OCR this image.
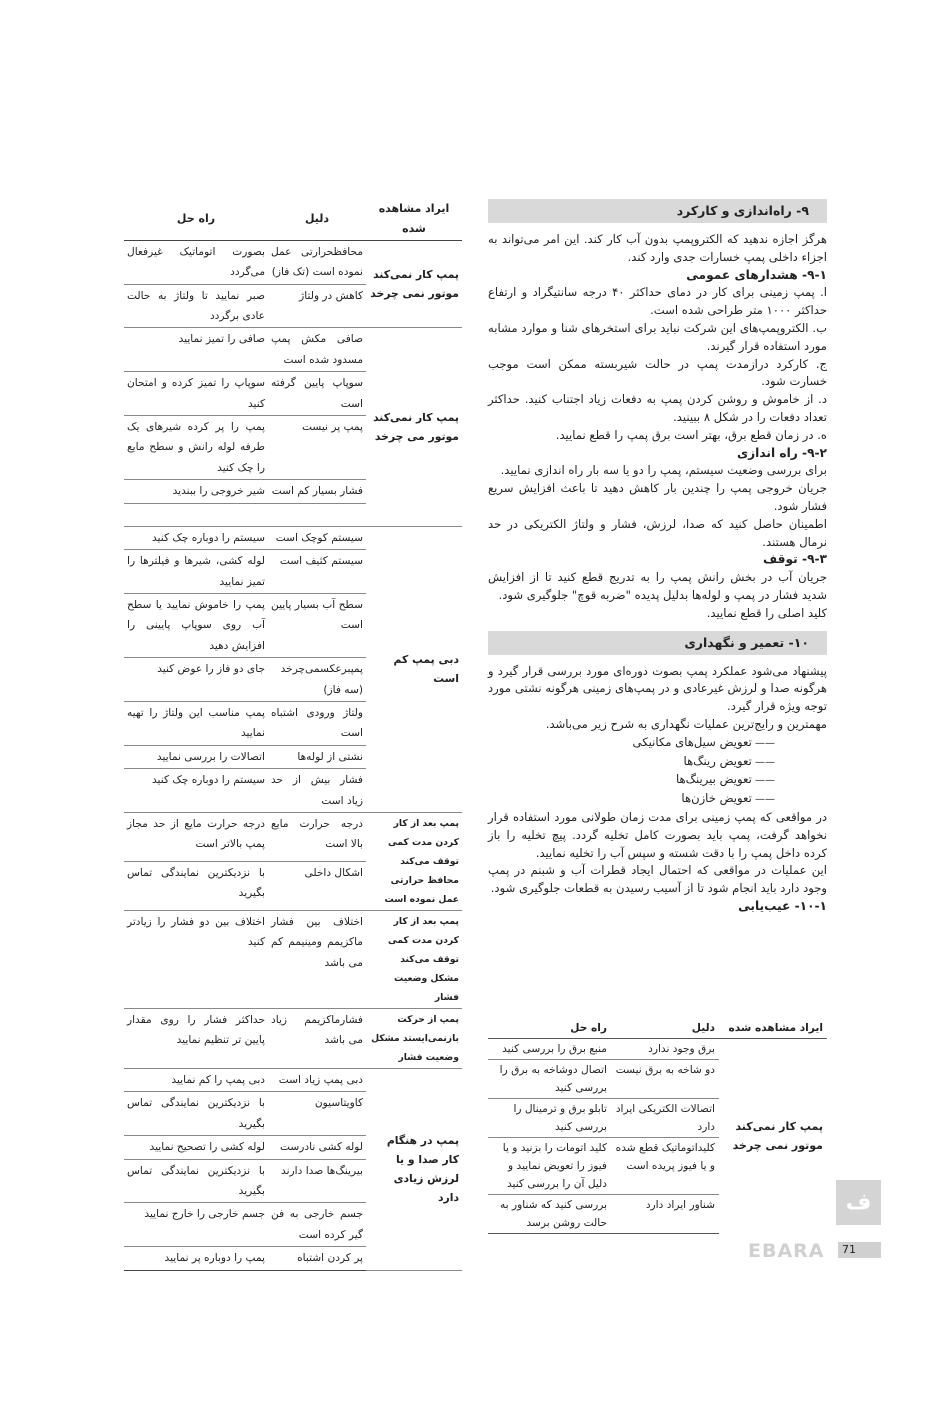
۹- راه‌اندازی و کارکرد

هرگز اجازه ندهید که الکتروپمپ بدون آب کار کند. این امر می‌تواند به اجزاء داخلی پمپ خسارات جدی وارد کند.

۹-۱- هشدارهای عمومی

ا. پمپ زمینی برای کار در دمای حداکثر ۴۰ درجه سانتیگراد و ارتفاع حداکثر ۱۰۰۰ متر طراحی شده است.

ب. الکتروپمپ‌های این شرکت نباید برای استخرهای شنا و موارد مشابه مورد استفاده قرار گیرند.

ج. کارکرد درازمدت پمپ در حالت شیربسته ممکن است موجب خسارت شود.

د. از خاموش و روشن کردن پمپ به دفعات زیاد اجتناب کنید. حداکثر تعداد دفعات را در شکل ۸ ببینید.

ه. در زمان قطع برق، بهتر است برق پمپ را قطع نمایید.

۹-۲- راه اندازی

برای بررسی وضعیت سیستم، پمپ را دو یا سه بار راه اندازی نمایید.

جریان خروجی پمپ را چندین بار کاهش دهید تا باعث افزایش سریع فشار شود.

اطمینان حاصل کنید که صدا، لرزش، فشار و ولتاژ الکتریکی در حد نرمال هستند.

۹-۳- توقف

جریان آب در بخش رانش پمپ را به تدریج قطع کنید تا از افزایش شدید فشار در پمپ و لوله‌ها بدلیل پدیده "ضربه قوچ" جلوگیری شود.

کلید اصلی را قطع نمایید.

۱۰- تعمیر و نگهداری

پیشنهاد می‌شود عملکرد پمپ بصوت دوره‌ای مورد بررسی قرار گیرد و هرگونه صدا و لرزش غیرعادی و در پمپ‌های زمینی هرگونه نشتی مورد توجه ویژه قرار گیرد.

مهمترین و رایج‌ترین عملیات نگهداری به شرح زیر می‌باشد.

—— تعویض سیل‌های مکانیکی

—— تعویض رینگ‌ها

—— تعویض بیرینگ‌ها

—— تعویض خازن‌ها

در مواقعی که پمپ زمینی برای مدت زمان طولانی مورد استفاده قرار نخواهد گرفت، پمپ باید بصورت کامل تخلیه گردد. پیچ تخلیه را باز کرده داخل پمپ را با دقت شسته و سپس آب را تخلیه نمایید.

این عملیات در مواقعی که احتمال ایجاد قطرات آب و شبنم در پمپ وجود دارد باید انجام شود تا از آسیب رسیدن به قطعات جلوگیری شود.

۱۰-۱- عیب‌یابی
ایراد مشاهده شده	دلیل	راه حل
پمپ کار نمی‌کند موتور نمی چرخد	برق وجود ندارد	منبع برق را بررسی کنید
	دو شاخه به برق نیست	اتصال دوشاخه به برق را بررسی کنید
	اتصالات الکتریکی ایراد دارد	تابلو برق و ترمینال را بررسی کنید
	کلیداتوماتیک قطع شده و یا فیوز پریده است	کلید اتومات را بزنید و یا فیوز را تعویض نمایید و دلیل آن را بررسی کنید
	شناور ایراد دارد	بررسی کنید که شناور به حالت روشن برسد
ایراد مشاهده شده	دلیل	راه حل
پمپ کار نمی‌کند موتور نمی چرخد	محافظحرارتی عمل نموده است (تک فاز)	بصورت اتوماتیک غیرفعال می‌گردد
	کاهش در ولتاژ	صبر نمایید تا ولتاژ به حالت عادی برگردد
پمپ کار نمی‌کند موتور می چرخد	صافی مکش پمپ مسدود شده است	صافی را تمیز نمایید
	سوپاپ پایین گرفته است	سوپاپ را تمیز کرده و امتحان کنید
	پمپ پر نیست	پمپ را پر کرده شیرهای یک طرفه لوله رانش و سطح مایع را چک کنید
	فشار بسیار کم است	شیر خروجی را ببندید

دبی پمپ کم است	سیستم کوچک است	سیستم را دوباره چک کنید
	سیستم کثیف است	لوله کشی، شیرها و فیلترها را تمیز نمایید
	سطح آب بسیار پایین است	پمپ را خاموش نمایید یا سطح آب روی سوپاپ پایینی را افزایش دهید
	پمپبرعکسمی‌چرخد (سه فاز)	جای دو فاز را عوض کنید
	ولتاژ ورودی اشتباه است	پمپ مناسب این ولتاژ را تهیه نمایید
	نشتی از لوله‌ها	اتصالات را بررسی نمایید
	فشار بیش از حد زیاد است	سیستم را دوباره چک کنید
پمپ بعد از کار کردن مدت کمی توقف می‌کند محافظ حرارتی عمل نموده است	درجه حرارت مایع بالا است	درجه حرارت مایع از حد مجاز پمپ بالاتر است
	اشکال داخلی	با نزدیکترین نمایندگی تماس بگیرید
پمپ بعد از کار کردن مدت کمی توقف می‌کند مشکل وضعیت فشار	اختلاف بین فشار ماکزیمم ومینیمم کم می باشد	اختلاف بین دو فشار را زیادتر کنید
پمپ از حرکت بازنمی‌ایستد مشکل وضعیت فشار	فشارماکزیمم زیاد می باشد	حداکثر فشار را روی مقدار پایین تر تنظیم نمایید
پمپ در هنگام کار صدا و یا لرزش زیادی دارد	دبی پمپ زیاد است	دبی پمپ را کم نمایید
	کاویتاسیون	با نزدیکترین نمایندگی تماس بگیرید
	لوله کشی نادرست	لوله کشی را تصحیح نمایید
	بیرینگ‌ها صدا دارند	با نزدیکترین نمایندگی تماس بگیرید
	جسم خارجی به فن گیر کرده است	جسم خارجی را خارج نمایید
	پر کردن اشتباه	پمپ را دوباره پر نمایید
ف
EBARA	71
